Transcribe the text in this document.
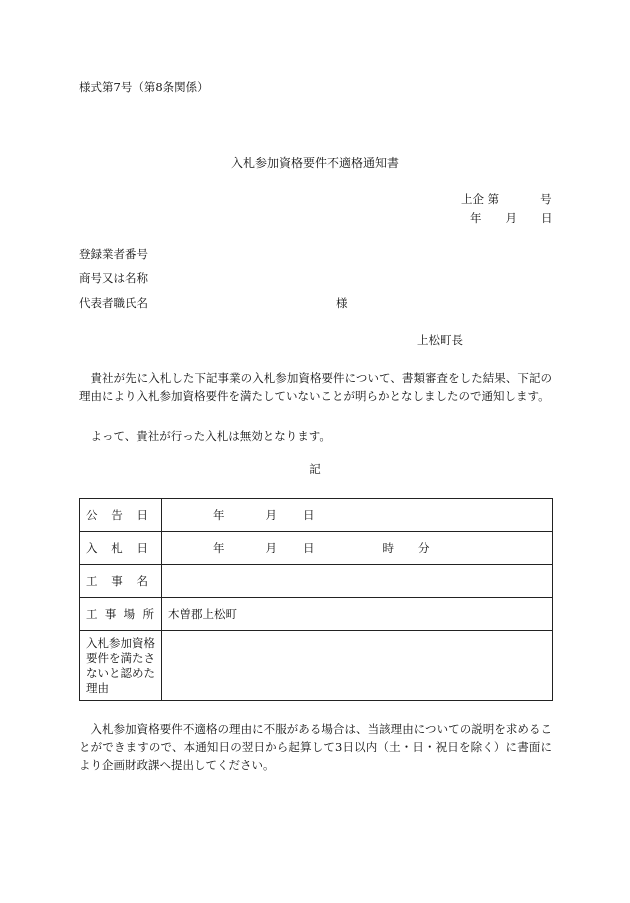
様式第7号（第8条関係）
入札参加資格要件不適格通知書
上企 第	号
年 月 日
登録業者番号
商号又は名称
代表者職氏名	様
上松町長
貴社が先に入札した下記事業の入札参加資格要件について、書類審査をした結果、下記の理由により入札参加資格要件を満たしていないことが明らかとなしましたので通知します。
よって、貴社が行った入札は無効となります。
記
公 告 日	年 月 日

入 札 日	年 月 日 時 分

工 事 名	

工 事 場 所	木曽郡上松町

入札参加資格
要件を満たさ
ないと認めた
理由	

入札参加資格要件不適格の理由に不服がある場合は、当該理由についての説明を求めることができますので、本通知日の翌日から起算して3日以内（土・日・祝日を除く）に書面により企画財政課へ提出してください。
